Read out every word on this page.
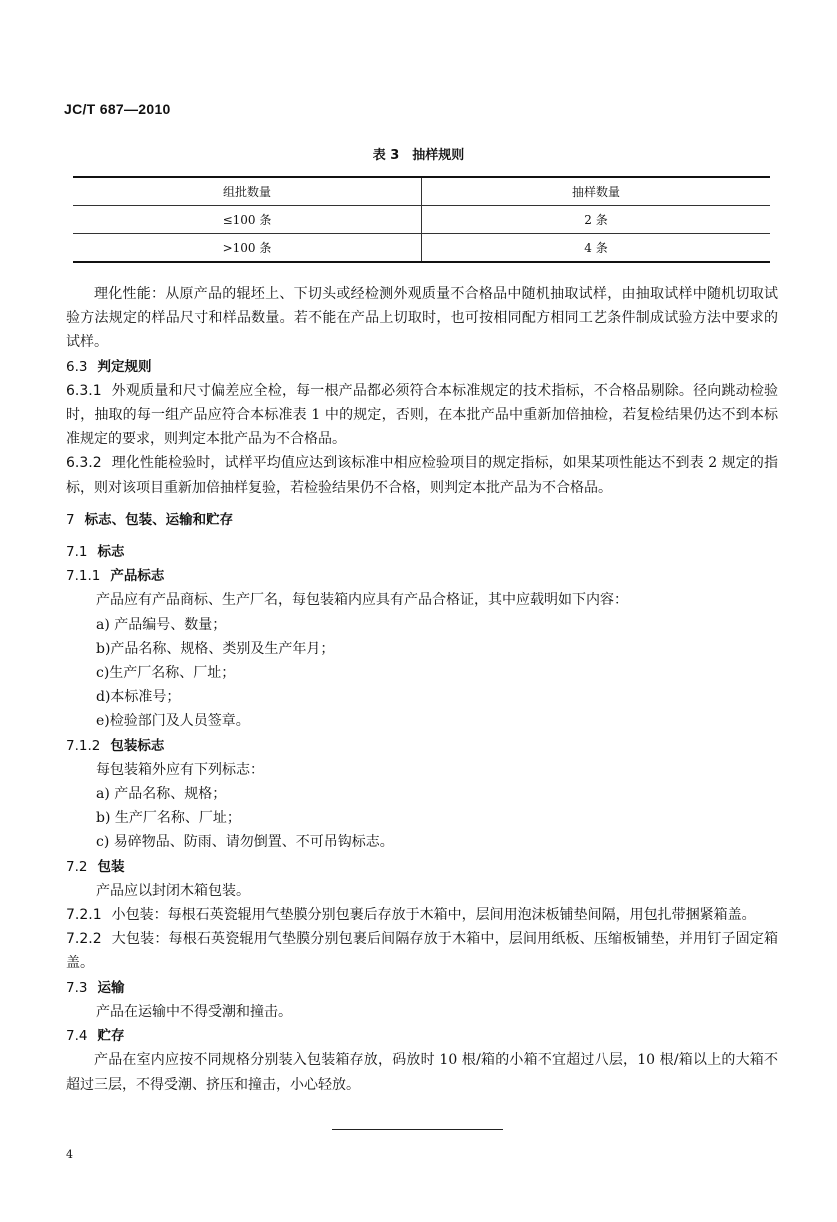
JC/T 687—2010
表 3　抽样规则
组批数量	抽样数量
≤100 条	2 条
>100 条	4 条

理化性能：从原产品的辊坯上、下切头或经检测外观质量不合格品中随机抽取试样，由抽取试样中随机切取试验方法规定的样品尺寸和样品数量。若不能在产品上切取时，也可按相同配方相同工艺条件制成试验方法中要求的试样。

6.3 判定规则

6.3.1 外观质量和尺寸偏差应全检，每一根产品都必须符合本标准规定的技术指标，不合格品剔除。径向跳动检验时，抽取的每一组产品应符合本标准表 1 中的规定，否则，在本批产品中重新加倍抽检，若复检结果仍达不到本标准规定的要求，则判定本批产品为不合格品。

6.3.2 理化性能检验时，试样平均值应达到该标准中相应检验项目的规定指标，如果某项性能达不到表 2 规定的指标，则对该项目重新加倍抽样复验，若检验结果仍不合格，则判定本批产品为不合格品。

7 标志、包装、运输和贮存

7.1 标志

7.1.1 产品标志

产品应有产品商标、生产厂名，每包装箱内应具有产品合格证，其中应载明如下内容：

a) 产品编号、数量；

b)产品名称、规格、类别及生产年月；

c)生产厂名称、厂址；

d)本标准号；

e)检验部门及人员签章。

7.1.2 包装标志

每包装箱外应有下列标志：

a) 产品名称、规格；

b) 生产厂名称、厂址；

c) 易碎物品、防雨、请勿倒置、不可吊钩标志。

7.2 包装

产品应以封闭木箱包装。

7.2.1 小包装：每根石英瓷辊用气垫膜分别包裹后存放于木箱中，层间用泡沫板铺垫间隔，用包扎带捆紧箱盖。

7.2.2 大包装：每根石英瓷辊用气垫膜分别包裹后间隔存放于木箱中，层间用纸板、压缩板铺垫，并用钉子固定箱盖。

7.3 运输

产品在运输中不得受潮和撞击。

7.4 贮存

产品在室内应按不同规格分别装入包装箱存放，码放时 10 根/箱的小箱不宜超过八层，10 根/箱以上的大箱不超过三层，不得受潮、挤压和撞击，小心轻放。

4
